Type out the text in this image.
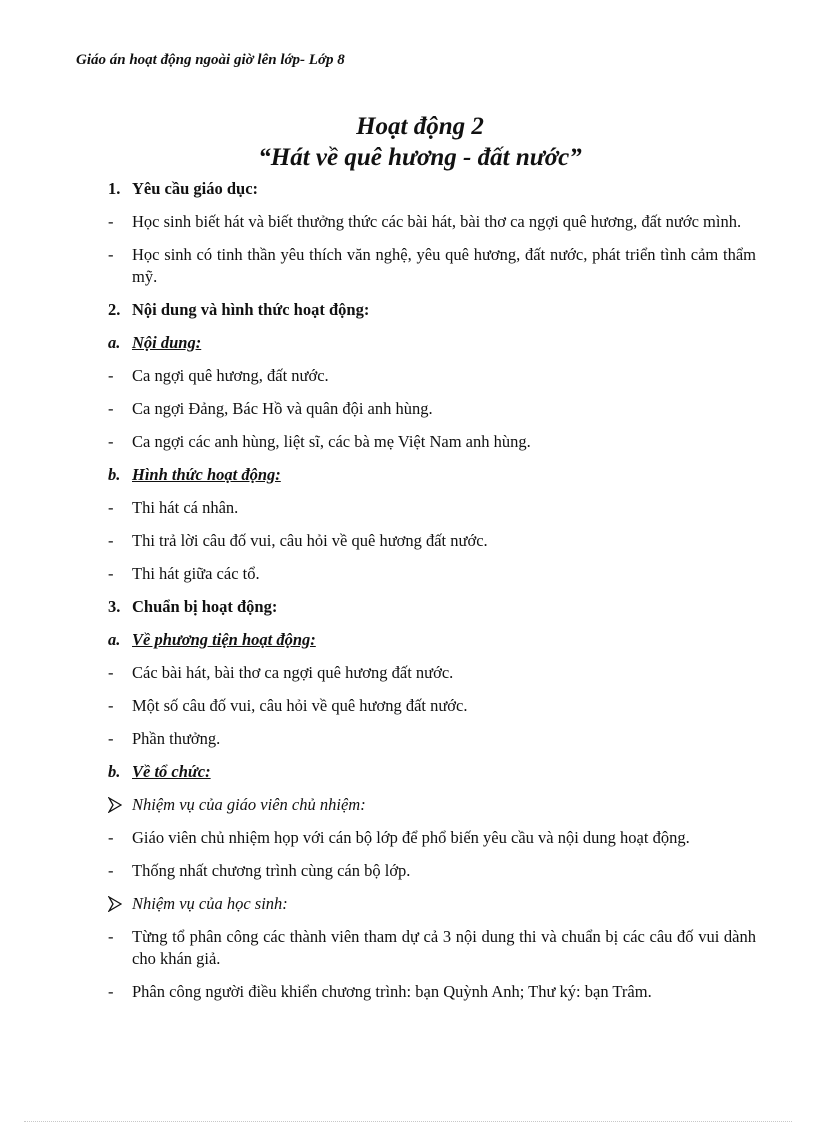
Giáo án hoạt động ngoài giờ lên lớp- Lớp 8
Hoạt động 2
“Hát về quê hương - đất nước”
1. Yêu cầu giáo dục:
- Học sinh biết hát và biết thưởng thức các bài hát, bài thơ ca ngợi quê hương, đất nước mình.
- Học sinh có tinh thần yêu thích văn nghệ, yêu quê hương, đất nước, phát triển tình cảm thẩm mỹ.
2. Nội dung và hình thức hoạt động:
a. Nội dung:
- Ca ngợi quê hương, đất nước.
- Ca ngợi Đảng, Bác Hồ và quân đội anh hùng.
- Ca ngợi các anh hùng, liệt sĩ, các bà mẹ Việt Nam anh hùng.
b. Hình thức hoạt động:
- Thi hát cá nhân.
- Thi trả lời câu đố vui, câu hỏi về quê hương đất nước.
- Thi hát giữa các tổ.
3. Chuẩn bị hoạt động:
a. Về phương tiện hoạt động:
- Các bài hát, bài thơ ca ngợi quê hương đất nước.
- Một số câu đố vui, câu hỏi về quê hương đất nước.
- Phần thưởng.
b. Về tổ chức:
Nhiệm vụ của giáo viên chủ nhiệm:
- Giáo viên chủ nhiệm họp với cán bộ lớp để phổ biến yêu cầu và nội dung hoạt động.
- Thống nhất chương trình cùng cán bộ lớp.
Nhiệm vụ của học sinh:
- Từng tổ phân công các thành viên tham dự cả 3 nội dung thi và chuẩn bị các câu đố vui dành cho khán giả.
- Phân công người điều khiển chương trình: bạn Quỳnh Anh; Thư ký: bạn Trâm.
